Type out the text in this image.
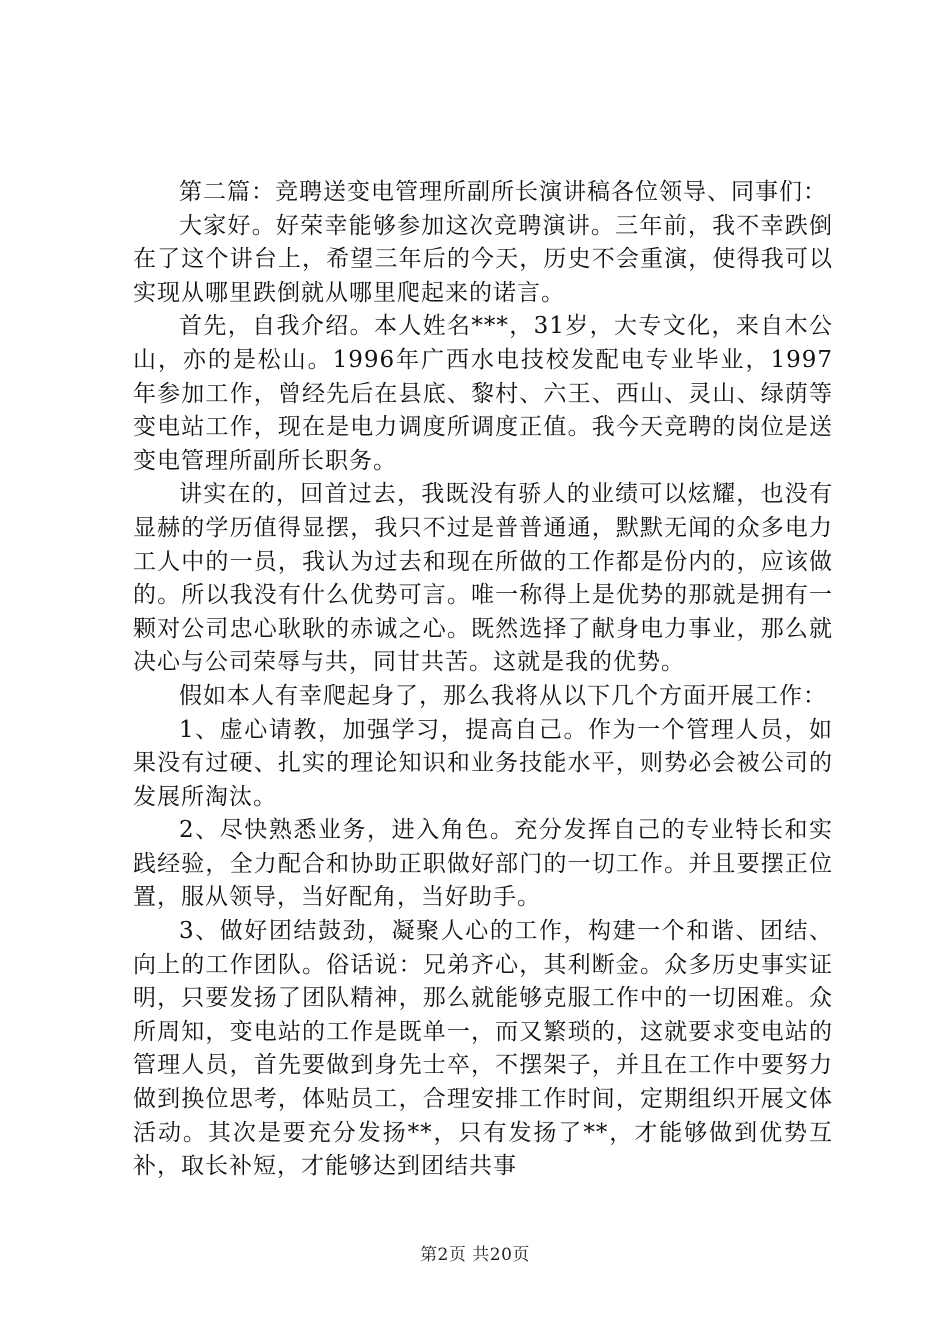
第二篇：竞聘送变电管理所副所长演讲稿各位领导、同事们：

大家好。好荣幸能够参加这次竞聘演讲。三年前，我不幸跌倒在了这个讲台上，希望三年后的今天，历史不会重演，使得我可以实现从哪里跌倒就从哪里爬起来的诺言。

首先，自我介绍。本人姓名***，31岁，大专文化，来自木公山，亦的是松山。1996年广西水电技校发配电专业毕业，1997年参加工作，曾经先后在县底、黎村、六王、西山、灵山、绿荫等变电站工作，现在是电力调度所调度正值。我今天竞聘的岗位是送变电管理所副所长职务。

讲实在的，回首过去，我既没有骄人的业绩可以炫耀，也没有显赫的学历值得显摆，我只不过是普普通通，默默无闻的众多电力工人中的一员，我认为过去和现在所做的工作都是份内的，应该做的。所以我没有什么优势可言。唯一称得上是优势的那就是拥有一颗对公司忠心耿耿的赤诚之心。既然选择了献身电力事业，那么就决心与公司荣辱与共，同甘共苦。这就是我的优势。

假如本人有幸爬起身了，那么我将从以下几个方面开展工作：

1、虚心请教，加强学习，提高自己。作为一个管理人员，如果没有过硬、扎实的理论知识和业务技能水平，则势必会被公司的发展所淘汰。

2、尽快熟悉业务，进入角色。充分发挥自己的专业特长和实践经验，全力配合和协助正职做好部门的一切工作。并且要摆正位置，服从领导，当好配角，当好助手。

3、做好团结鼓劲，凝聚人心的工作，构建一个和谐、团结、向上的工作团队。俗话说：兄弟齐心，其利断金。众多历史事实证明，只要发扬了团队精神，那么就能够克服工作中的一切困难。众所周知，变电站的工作是既单一，而又繁琐的，这就要求变电站的管理人员，首先要做到身先士卒，不摆架子，并且在工作中要努力做到换位思考，体贴员工，合理安排工作时间，定期组织开展文体活动。其次是要充分发扬**，只有发扬了**，才能够做到优势互补，取长补短，才能够达到团结共事

第2页 共20页
